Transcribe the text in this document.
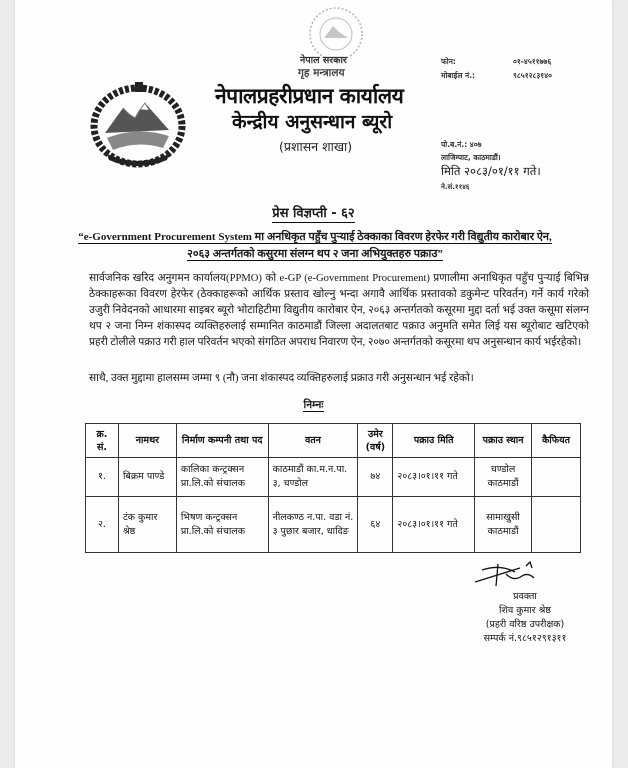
नेपाल सरकार
गृह मन्त्रालय
नेपालप्रहरीप्रधान कार्यालय
केन्द्रीय अनुसन्धान ब्यूरो
(प्रशासन शाखा)
फोन:	०१-४५११७७६
मोबाईल नं.:	९८५१२८३१४०
पो.ब.नं.: ४०७
लाजिम्पाट, काठमाडौं।
मिति २०८३/०१/११ गते।
ने.सं.११४६
प्रेस विज्ञप्ती - ६२
“e-Government Procurement System मा अनधिकृत पहुँच पुऱ्याई ठेक्काका विवरण हेरफेर गरी विद्युतीय कारोबार ऐन, २०६३ अन्तर्गतको कसुरमा संलग्न थप २ जना अभियुक्तहरु पक्राउ”

सार्वजनिक खरिद अनुगमन कार्यालय(PPMO) को e-GP (e-Government Procurement) प्रणालीमा अनाधिकृत पहुँच पुऱ्याई बिभिन्न ठेक्काहरूका विवरण हेरफेर (ठेक्काहरूको आर्थिक प्रस्ताव खोल्नु भन्दा अगावै आर्थिक प्रस्तावको डकुमेन्ट परिवर्तन) गर्ने कार्य गरेको उजुरी निवेदनको आधारमा साइबर ब्यूरो भोटाहिटीमा विद्युतीय कारोबार ऐन, २०६३ अन्तर्गतको कसूरमा मुद्दा दर्ता भई उक्त कसूमा संलग्न थप २ जना निम्न शंकास्पद व्यक्तिहरुलाई सम्मानित काठमाडौं जिल्ला अदालतबाट पक्राउ अनुमति समेत लिई यस ब्यूरोबाट खटिएको प्रहरी टोलीले पक्राउ गरी हाल परिवर्तन भएको संगठित अपराध निवारण ऐन, २०७० अन्तर्गतको कसूरमा थप अनुसन्धान कार्य भईरहेको।

साथै, उक्त मुद्दामा हालसम्म जम्मा ९ (नौ) जना शंकास्पद व्यक्तिहरुलाई प्रक्राउ गरी अनुसन्धान भई रहेको।

निम्नः
क्र. सं.	नामथर	निर्माण कम्पनी तथा पद	वतन	उमेर (वर्ष)	पक्राउ मिति	पक्राउ स्थान	कैफियत
१.	बिक्रम पाण्डे	कालिका कन्ट्रक्सन प्रा.लि.को संचालक	काठमाडौं का.म.न.पा. ३, चण्डोल	७४	२०८३।०१।११ गते	चण्डोल काठमाडौं	
२.	टंक कुमार श्रेष्ठ	भिषण कन्ट्रक्सन प्रा.लि.को संचालक	नीलकण्ठ न.पा. वडा नं. ३ पुछार बजार, धादिङ	६४	२०८३।०१।११ गते	सामाखुसी काठमाडौं	
प्रवक्ता
शिव कुमार श्रेष्ठ
(प्रहरी वरिष्ठ उपरीक्षक)
सम्पर्क नं.९८५१२९१३११
